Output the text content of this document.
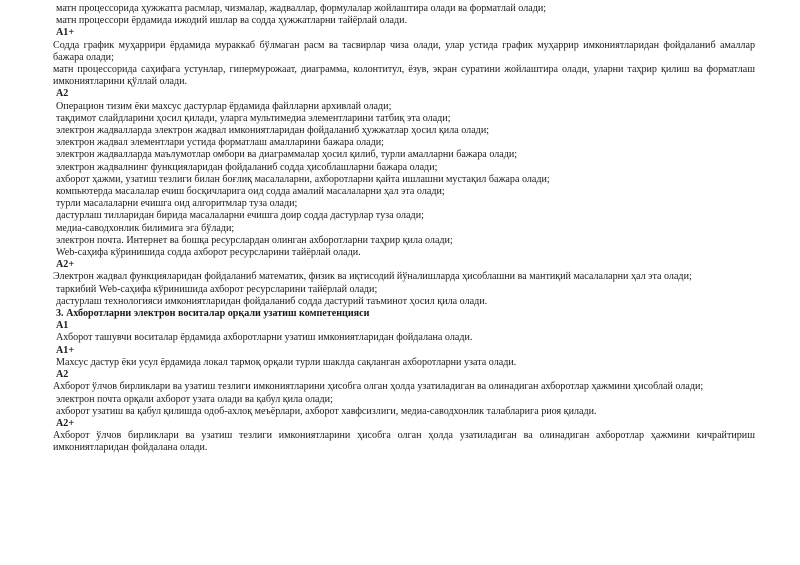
матн процессорида ҳужжатга расмлар, чизмалар, жадваллар, формулалар жойлаштира олади ва форматлай олади;

матн процессори ёрдамида ижодий ишлар ва содда ҳужжатларни тайёрлай олади.

A1+

Содда график муҳаррири ёрдамида мураккаб бўлмаган расм ва тасвирлар чиза олади, улар устида график муҳаррир имкониятларидан фойдаланиб амаллар бажара олади;

матн процессорида саҳифага устунлар, гипермурожаат, диаграмма, колонтитул, ёзув, экран суратини жойлаштира олади, уларни таҳрир қилиш ва форматлаш имкониятларини қўллай олади.

A2

Операцион тизим ёки махсус дастурлар ёрдамида файлларни архивлай олади;

тақдимот слайдларини ҳосил қилади, уларга мультимедиа элементларини татбиқ эта олади;

электрон жадвалларда электрон жадвал имкониятларидан фойдаланиб ҳужжатлар ҳосил қила олади;

электрон жадвал элементлари устида форматлаш амалларини бажара олади;

электрон жадвалларда маълумотлар омбори ва диаграммалар ҳосил қилиб, турли амалларни бажара олади;

электрон жадвалнинг функцияларидан фойдаланиб содда ҳисоблашларни бажара олади;

ахборот ҳажми, узатиш тезлиги билан боғлиқ масалаларни, ахборотларни қайта ишлашни мустақил бажара олади;

компьютерда масалалар ечиш босқичларига оид содда амалий масалаларни ҳал эта олади;

турли масалаларни ечишга оид алгоритмлар туза олади;

дастурлаш тилларидан бирида масалаларни ечишга доир содда дастурлар туза олади;

медиа-саводхонлик билимига эга бўлади;

электрон почта. Интернет ва бошқа ресурслардан олинган ахборотларни таҳрир қила олади;

Web-саҳифа кўринишида содда ахборот ресурсларини тайёрлай олади.

A2+

Электрон жадвал функцияларидан фойдаланиб математик, физик ва иқтисодий йўналишларда ҳисоблашни ва мантиқий масалаларни ҳал эта олади;

таркибий Web-саҳифа кўринишида ахборот ресурсларини тайёрлай олади;

дастурлаш технологияси имкониятларидан фойдаланиб содда дастурий таъминот ҳосил қила олади.

3. Ахборотларни электрон воситалар орқали узатиш компетенцияси

A1

Ахборот ташувчи воситалар ёрдамида ахборотларни узатиш имкониятларидан фойдалана олади.

A1+

Махсус дастур ёки усул ёрдамида локал тармоқ орқали турли шаклда сақланган ахборотларни узата олади.

A2

Ахборот ўлчов бирликлари ва узатиш тезлиги имкониятларини ҳисобга олган ҳолда узатиладиган ва олинадиган ахборотлар ҳажмини ҳисоблай олади;

электрон почта орқали ахборот узата олади ва қабул қила олади;

ахборот узатиш ва қабул қилишда одоб-ахлоқ меъёрлари, ахборот хавфсизлиги, медиа-саводхонлик талабларига риоя қилади.

A2+

Ахборот ўлчов бирликлари ва узатиш тезлиги имкониятларини ҳисобга олган ҳолда узатиладиган ва олинадиган ахборотлар ҳажмини кичрайтириш имкониятларидан фойдалана олади.
